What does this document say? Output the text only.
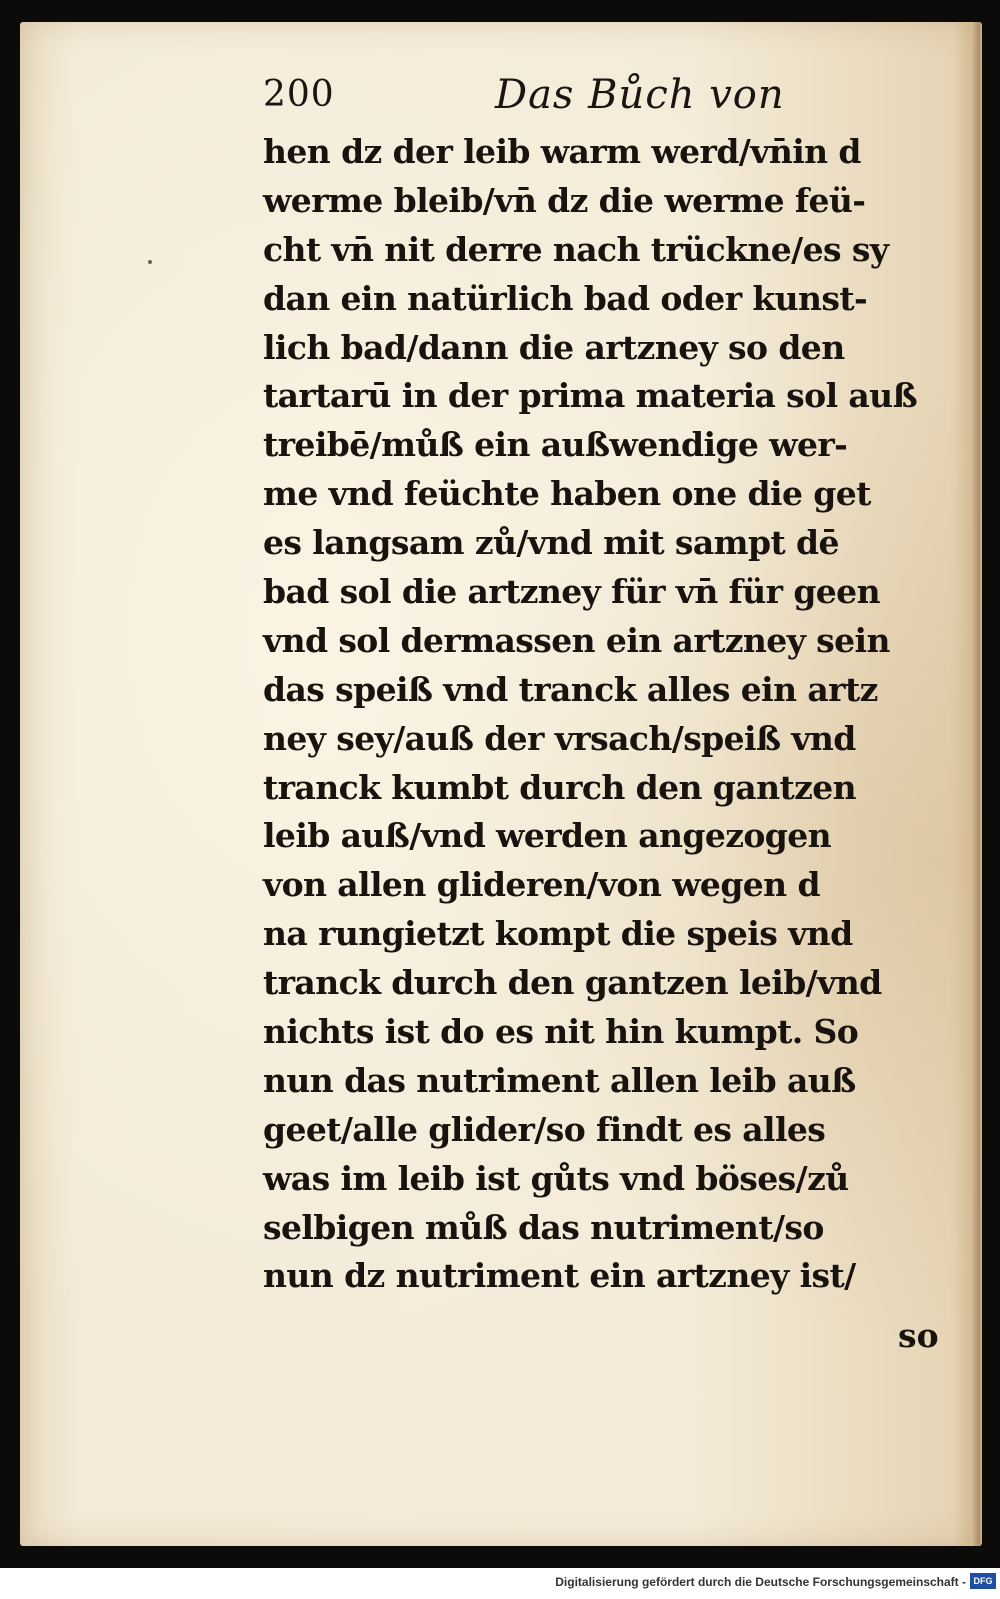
200	Das Bůch von
hen dz der leib warm werd/vn̄in d
werme bleib/vn̄ dz die werme feü-
cht vn̄ nit derre nach trückne/es sy
dan ein natürlich bad oder kunst-
lich bad/dann die artzney so den
tartarū in der prima materia sol auß
treibē/můß ein außwendige wer-
me vnd feüchte haben one die get
es langsam zů/vnd mit sampt dē
bad sol die artzney für vn̄ für geen
vnd sol dermassen ein artzney sein
das speiß vnd tranck alles ein artz
ney sey/auß der vrsach/speiß vnd
tranck kumbt durch den gantzen
leib auß/vnd werden angezogen
von allen glideren/von wegen d
na rungietzt kompt die speis vnd
tranck durch den gantzen leib/vnd
nichts ist do es nit hin kumpt. So
nun das nutriment allen leib auß
geet/alle glider/so findt es alles
was im leib ist gůts vnd böses/zů
selbigen můß das nutriment/so
nun dz nutriment ein artzney ist/
so
Digitalisierung gefördert durch die Deutsche Forschungsgemeinschaft - DFG
